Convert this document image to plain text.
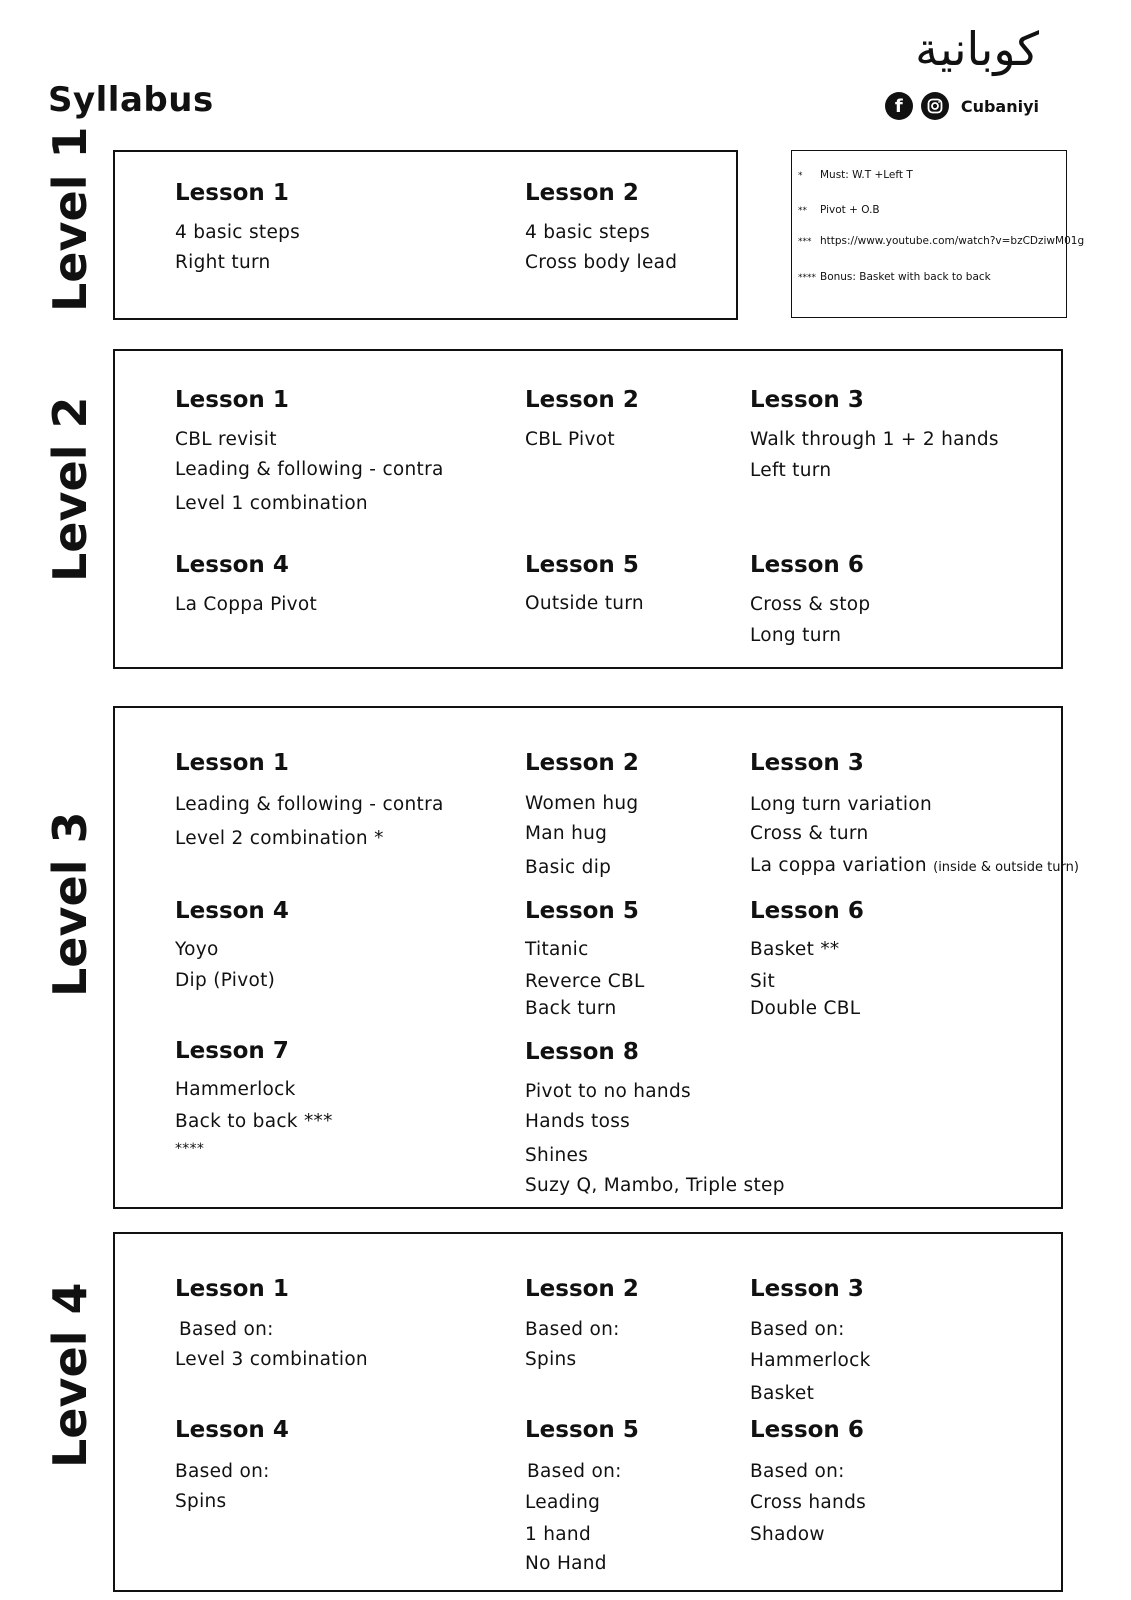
Syllabus
كوبانية
f	Cubaniyi
* Must: W.T +Left T
** Pivot + O.B
*** https://www.youtube.com/watch?v=bzCDziwM01g
**** Bonus: Basket with back to back
Level 1	Lesson 1
4 basic steps
Right turn
Lesson 2
4 basic steps
Cross body lead
Level 2	Lesson 1
CBL revisit
Leading & following - contra
Level 1 combination
Lesson 2
CBL Pivot
Lesson 3
Walk through 1 + 2 hands
Left turn
Lesson 4
La Coppa Pivot
Lesson 5
Outside turn
Lesson 6
Cross & stop
Long turn
Level 3
Lesson 1
Leading & following - contra
Level 2 combination *
Lesson 2
Women hug
Man hug
Basic dip
Lesson 3
Long turn variation
Cross & turn
La coppa variation (inside & outside turn)
Lesson 4
Yoyo
Dip (Pivot)
Lesson 5
Titanic
Reverce CBL
Back turn
Lesson 6
Basket **
Sit
Double CBL
Lesson 7
Hammerlock
Back to back ***
****
Lesson 8
Pivot to no hands
Hands toss
Shines
Suzy Q, Mambo, Triple step
Level 4	Lesson 1
Based on:
Level 3 combination
Lesson 2
Based on:
Spins
Lesson 3
Based on:
Hammerlock
Basket
Lesson 4
Based on:
Spins
Lesson 5
Based on:
Leading
1 hand
No Hand
Lesson 6
Based on:
Cross hands
Shadow
